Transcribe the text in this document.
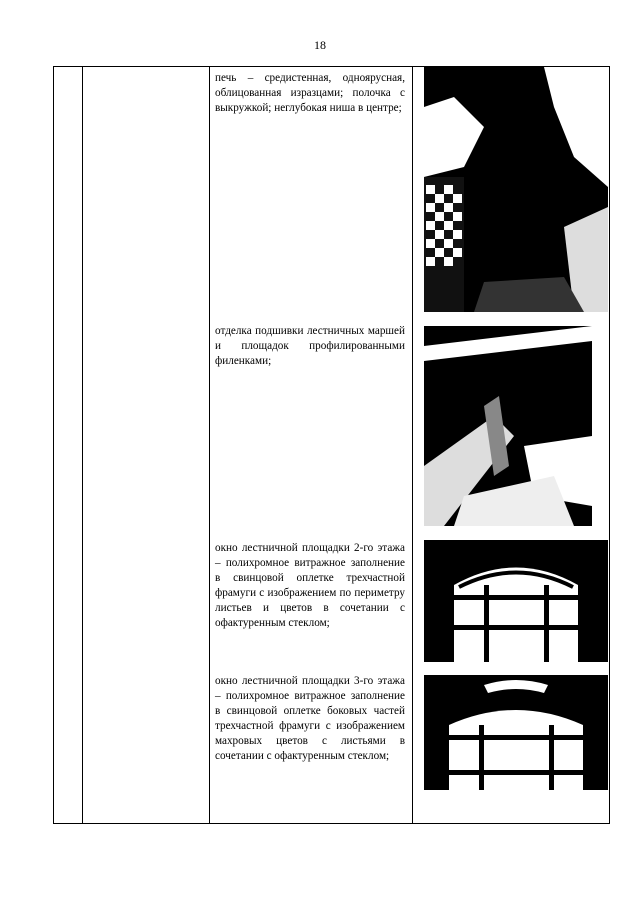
18
печь – средистенная, одноярусная, облицованная изразцами; полочка с выкружкой; неглубокая ниша в центре;
отделка подшивки лестничных маршей и площадок профилированными филенками;
окно лестничной площадки 2-го этажа – полихромное витражное заполнение в свинцовой оплетке трехчастной фрамуги с изображением по периметру листьев и цветов в сочетании с офактуренным стеклом;
окно лестничной площадки 3-го этажа – полихромное витражное заполнение в свинцовой оплетке боковых частей трехчастной фрамуги с изображением махровых цветов с листьями в сочетании с офактуренным стеклом;
